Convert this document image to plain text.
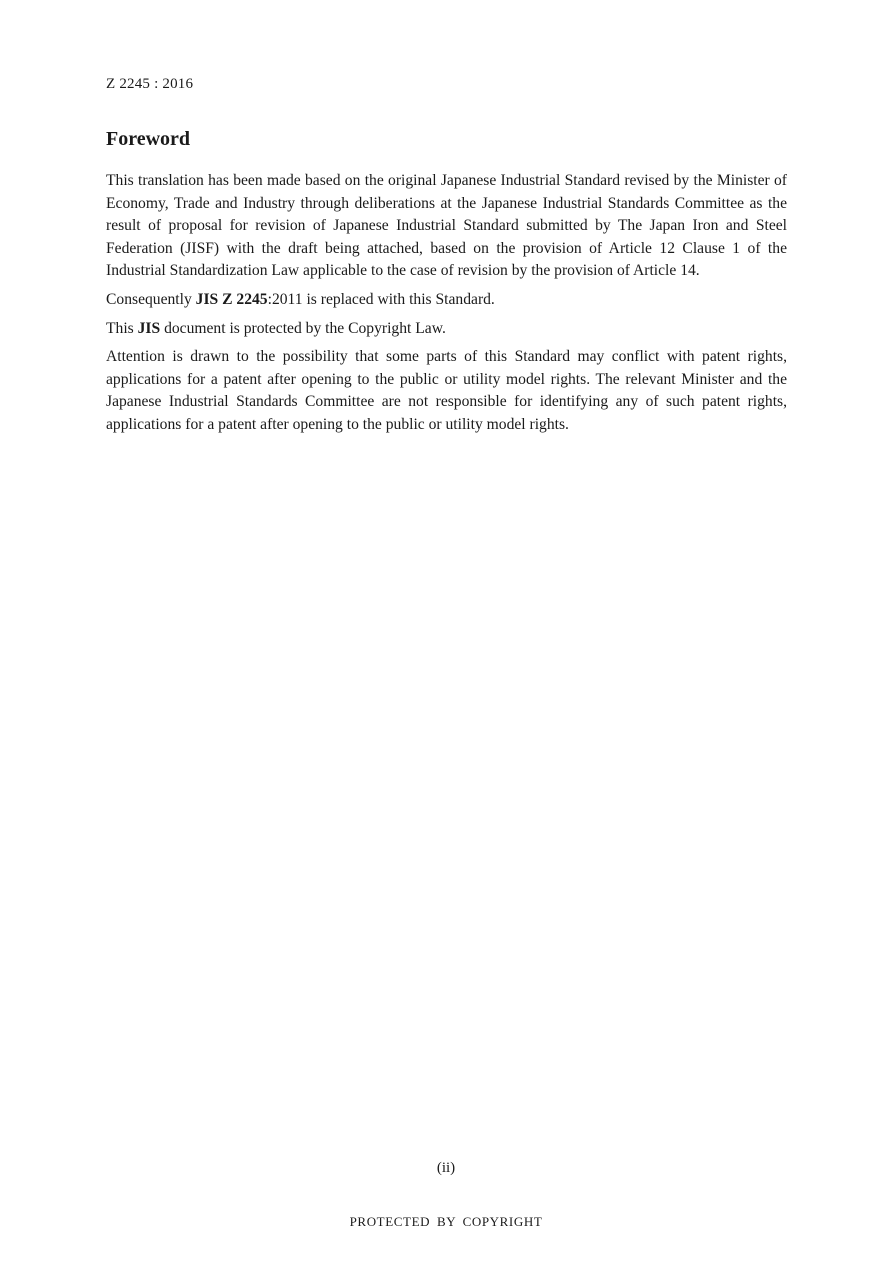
Z 2245 : 2016
Foreword

This translation has been made based on the original Japanese Industrial Standard revised by the Minister of Economy, Trade and Industry through deliberations at the Japanese Industrial Standards Committee as the result of proposal for revision of Japanese Industrial Standard submitted by The Japan Iron and Steel Federation (JISF) with the draft being attached, based on the provision of Article 12 Clause 1 of the Industrial Standardization Law applicable to the case of revision by the provision of Article 14.

Consequently JIS Z 2245:2011 is replaced with this Standard.

This JIS document is protected by the Copyright Law.

Attention is drawn to the possibility that some parts of this Standard may conflict with patent rights, applications for a patent after opening to the public or utility model rights. The relevant Minister and the Japanese Industrial Standards Committee are not responsible for identifying any of such patent rights, applications for a patent after opening to the public or utility model rights.

(ii)
PROTECTED BY COPYRIGHT
